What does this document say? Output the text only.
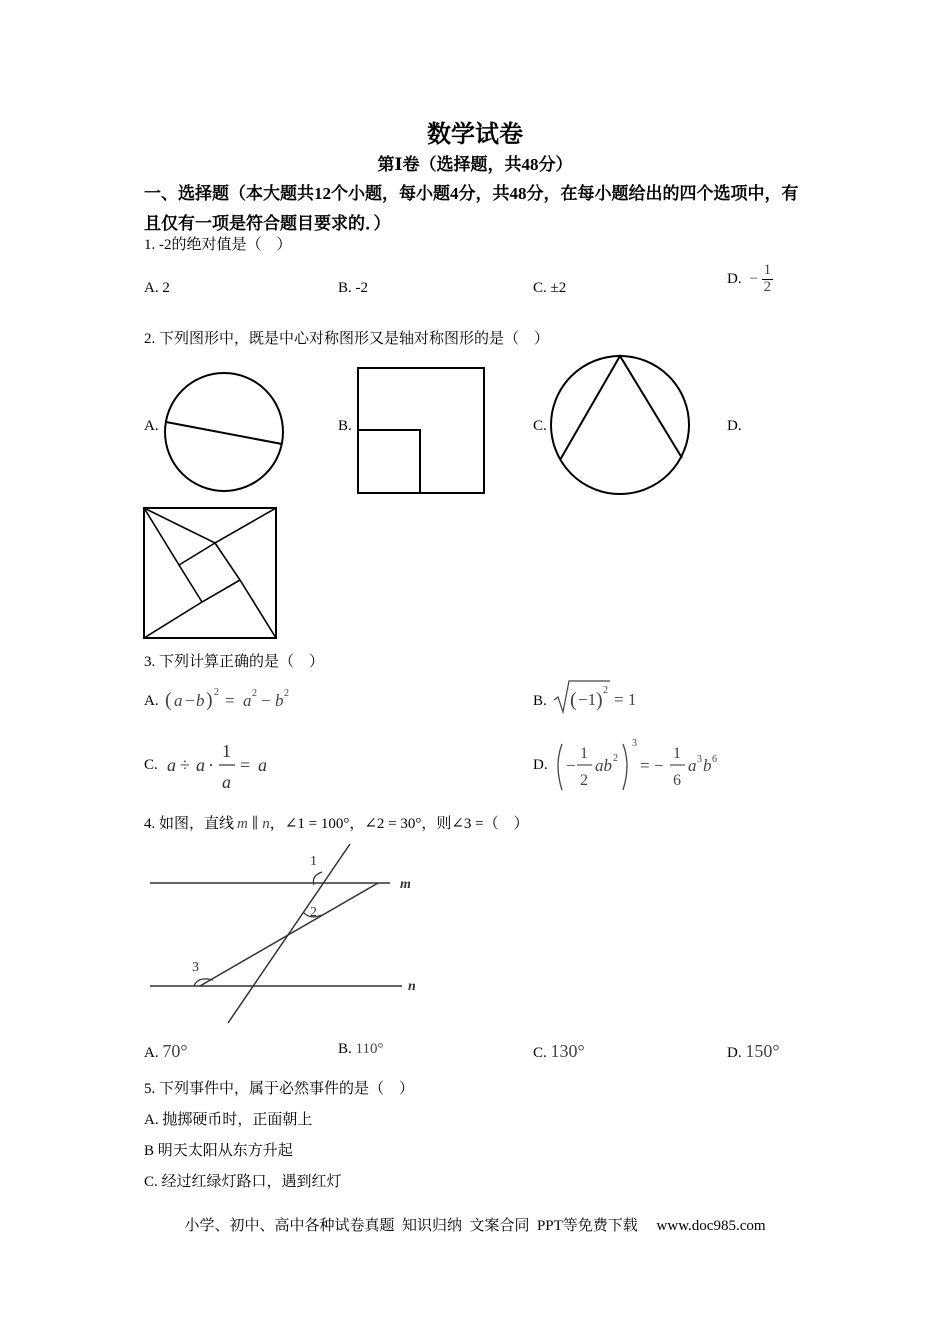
数学试卷
第Ⅰ卷（选择题，共48分）
一、选择题（本大题共12个小题，每小题4分，共48分，在每小题给出的四个选项中，有且仅有一项是符合题目要求的．）
1. -2的绝对值是（　）
A. 2	B. -2	C. ±2
D. − $\frac{1}{2}$
2. 下列图形中，既是中心对称图形又是轴对称图形的是（　）
A.	B.	C.	D.
3. 下列计算正确的是（　）
A. ( a − b ) 2 = a 2 − b 2	B. ( −1 ) 2 = 1
C. a ÷ a ·
1
a
= a	D. −
1
2
ab 2
3
= −
1
6
a 3 b 6
4. 如图，直线 m ∥ n，∠1 = 100°，∠2 = 30°，则∠3 =（　）
1
2
3
m
n
A. 70°	B. 110°	C. 130°	D. 150°
5. 下列事件中，属于必然事件的是（　）
A. 抛掷硬币时，正面朝上
B 明天太阳从东方升起
C. 经过红绿灯路口，遇到红灯
小学、初中、高中各种试卷真题  知识归纳  文案合同  PPT等免费下载     www.doc985.com
